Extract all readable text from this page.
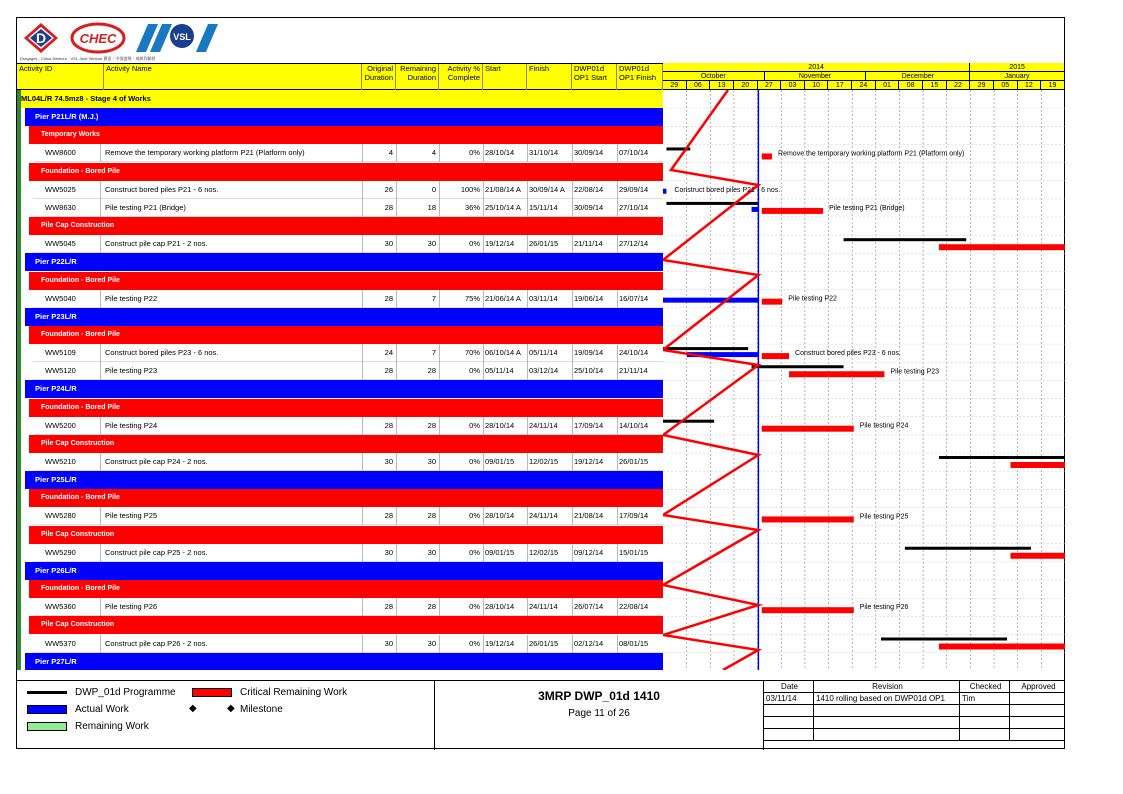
D	CHEC	VSL
Dragages - China Harbour - VSL Joint Venture 寶嘉・中國港灣・威勝利聯營
Activity ID	Activity Name	Original
Duration
Remaining
Duration
Activity %
Complete
Start	Finish	DWP01d
OP1 Start
DWP01d
OP1 Finish
ML04L/R 74.5mz8 - Stage 4 of Works
Pier P21L/R (M.J.)
Temporary Works
WW8600	Remove the temporary working platform P21 (Platform only)	4	4	0% 28/10/14	31/10/14	30/09/14	07/10/14
Foundation - Bored Pile
WW5025	Construct bored piles P21 - 6 nos.	26	0	100% 21/08/14 A	30/09/14 A	22/08/14	29/09/14
WW8630	Pile testing P21 (Bridge)	28	18	36% 25/10/14 A	15/11/14	30/09/14	27/10/14
Pile Cap Construction
WW5045	Construct pile cap P21 - 2 nos.	30	30	0% 19/12/14	26/01/15	21/11/14	27/12/14
Pier P22L/R
Foundation - Bored Pile
WW5040	Pile testing P22	28	7	75% 21/06/14 A	03/11/14	19/06/14	16/07/14
Pier P23L/R
Foundation - Bored Pile
WW5109	Construct bored piles P23 - 6 nos.	24	7	70% 06/10/14 A	05/11/14	19/09/14	24/10/14
WW5120	Pile testing P23	28	28	0% 05/11/14	03/12/14	25/10/14	21/11/14
Pier P24L/R
Foundation - Bored Pile
WW5200	Pile testing P24	28	28	0% 28/10/14	24/11/14	17/09/14	14/10/14
Pile Cap Construction
WW5210	Construct pile cap P24 - 2 nos.	30	30	0% 09/01/15	12/02/15	19/12/14	26/01/15
Pier P25L/R
Foundation - Bored Pile
WW5280	Pile testing P25	28	28	0% 28/10/14	24/11/14	21/08/14	17/09/14
Pile Cap Construction
WW5290	Construct pile cap P25 - 2 nos.	30	30	0% 09/01/15	12/02/15	09/12/14	15/01/15
Pier P26L/R
Foundation - Bored Pile
WW5360	Pile testing P26	28	28	0% 28/10/14	24/11/14	26/07/14	22/08/14
Pile Cap Construction
WW5370	Construct pile cap P26 - 2 nos.	30	30	0% 19/12/14	26/01/15	02/12/14	08/01/15
Pier P27L/R
2014	2015
October	November	December	January
29	06	13	20	27	03	10	17	24	01	08	15	22	29	05	12	19
Remove the temporary working platform P21 (Platform only)
Construct bored piles P21 - 6 nos.
Pile testing P21 (Bridge)
Pile testing P22
Construct bored piles P23 - 6 nos.
Pile testing P23
Pile testing P24
Pile testing P25
Pile testing P26
DWP_01d Programme
Actual Work
Remaining Work
Critical Remaining Work
◆	◆ Milestone
3MRP DWP_01d 1410
Page 11 of 26
Date	Revision	Checked	Approved
03/11/14	1410 rolling based on DWP01d OP1	Tim
